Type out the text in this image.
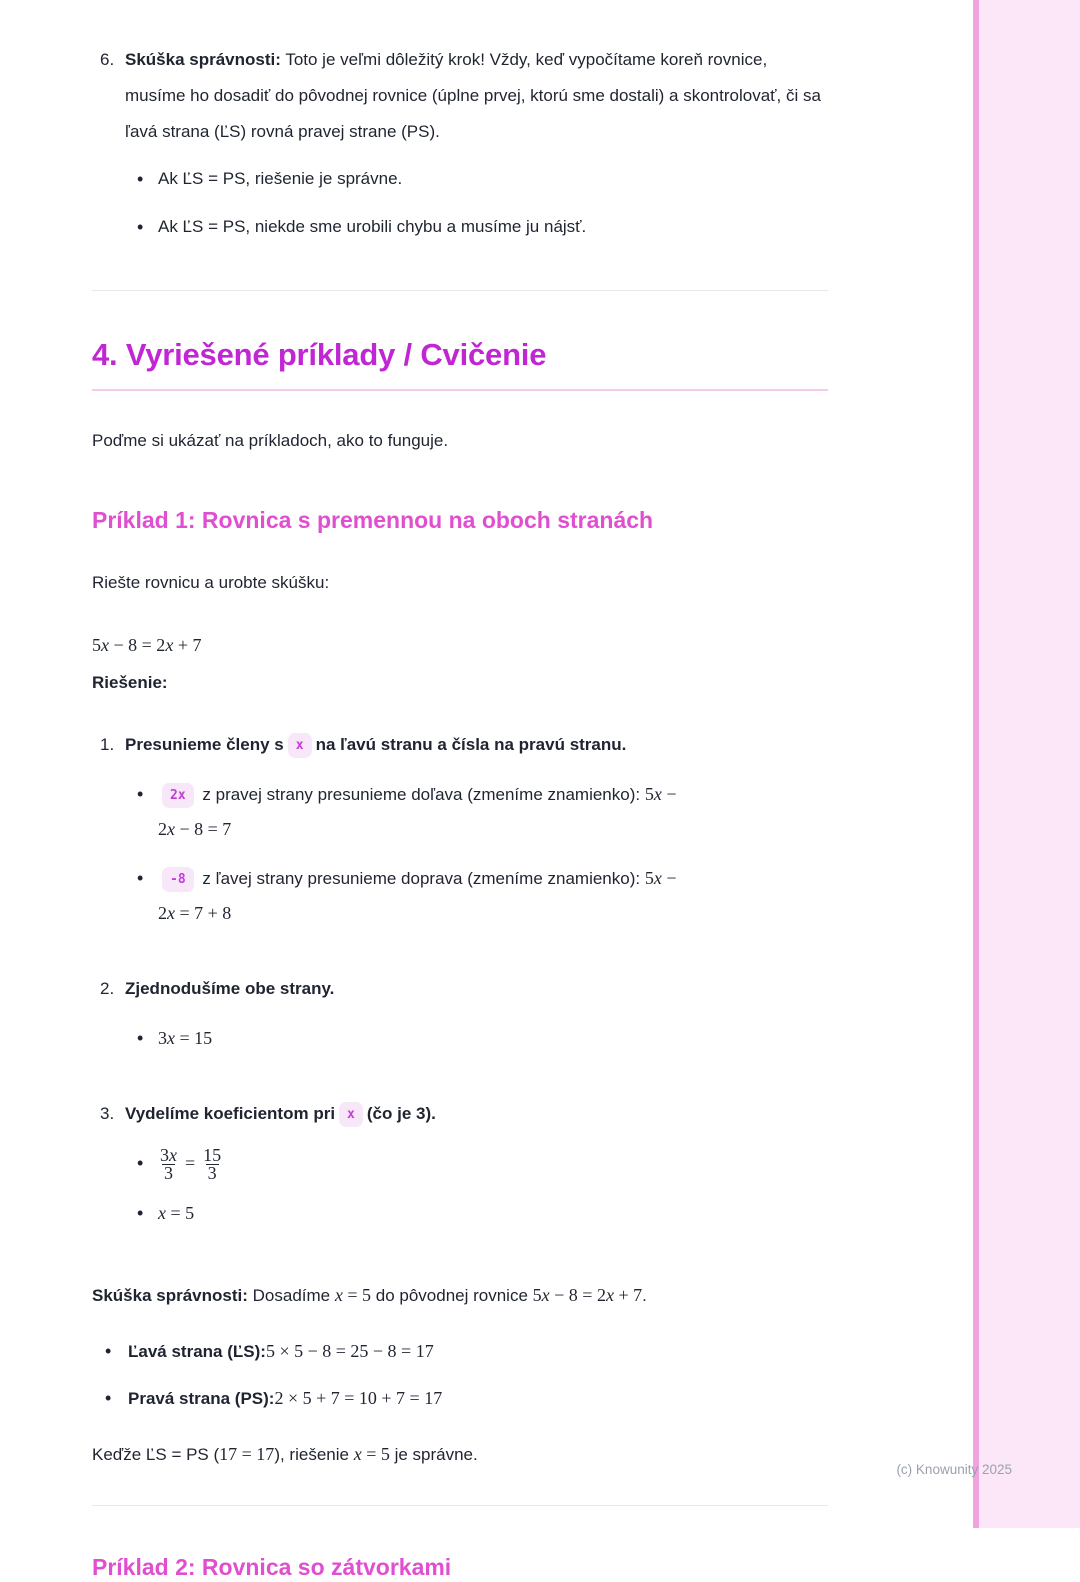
6. Skúška správnosti: Toto je veľmi dôležitý krok! Vždy, keď vypočítame koreň rovnice, musíme ho dosadiť do pôvodnej rovnice (úplne prvej, ktorú sme dostali) a skontrolovať, či sa ľavá strana (ĽS) rovná pravej strane (PS).

• Ak ĽS = PS, riešenie je správne.
• Ak ĽS = PS, niekde sme urobili chybu a musíme ju nájsť.
4. Vyriešené príklady / Cvičenie

Poďme si ukázať na príkladoch, ako to funguje.

Príklad 1: Rovnica s premennou na oboch stranách

Riešte rovnicu a urobte skúšku:

5x − 8 = 2x + 7

Riešenie:

1. Presunieme členy s x na ľavú stranu a čísla na pravú stranu.

• 2x z pravej strany presunieme doľava (zmeníme znamienko): 5x −
2x − 8 = 7
• -8 z ľavej strany presunieme doprava (zmeníme znamienko): 5x −
2x = 7 + 8
2. Zjednodušíme obe strany.

• 3x = 15
3. Vydelíme koeficientom pri x (čo je 3).

• $\frac{3x}{3} = \frac{15}{3}$
• x = 5

Skúška správnosti: Dosadíme x = 5 do pôvodnej rovnice 5x − 8 = 2x + 7.

• Ľavá strana (ĽS):5 × 5 − 8 = 25 − 8 = 17
• Pravá strana (PS):2 × 5 + 7 = 10 + 7 = 17

Keďže ĽS = PS (17 = 17), riešenie x = 5 je správne.

Príklad 2: Rovnica so zátvorkami
(c) Knowunity 2025
